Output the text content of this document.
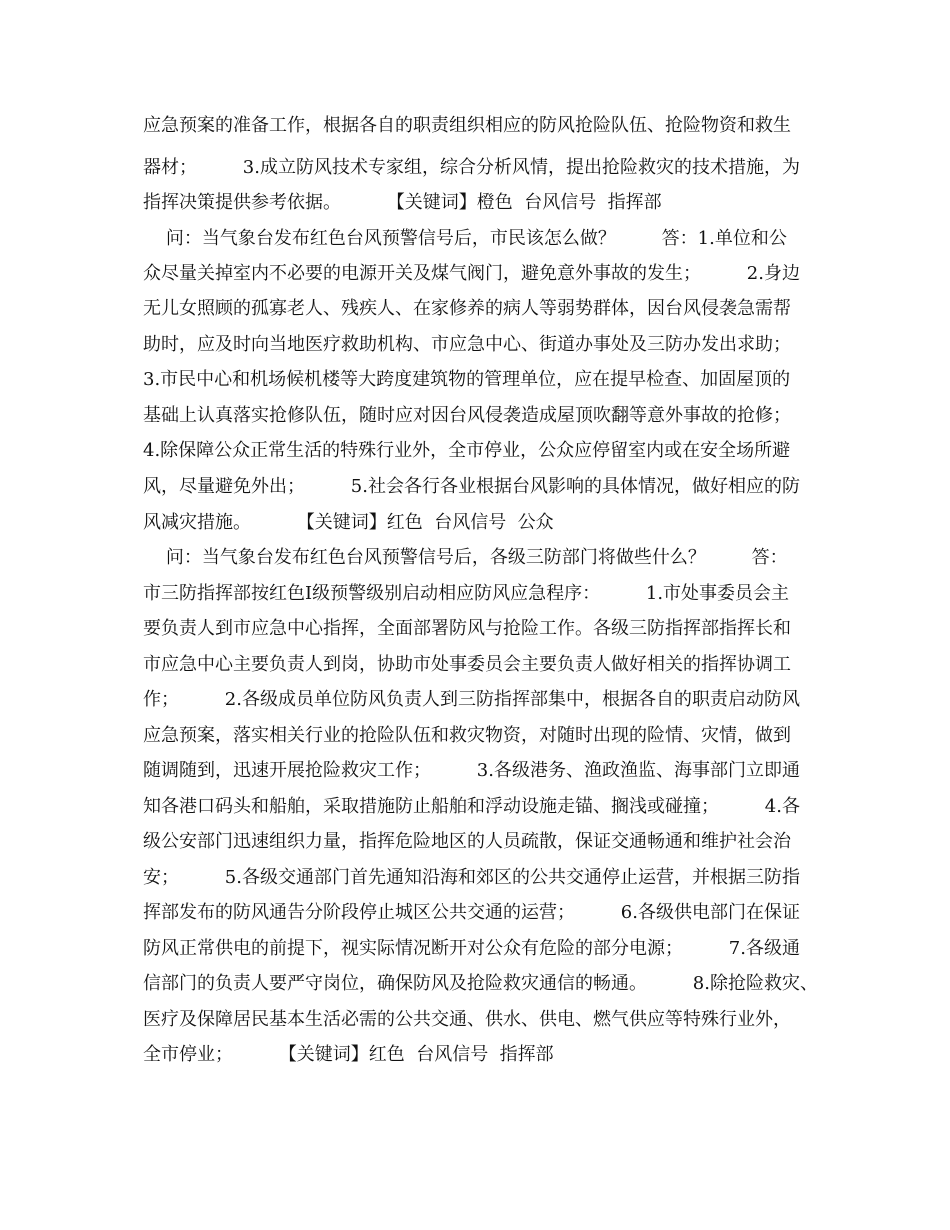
应急预案的准备工作，根据各自的职责组织相应的防风抢险队伍、抢险物资和救生
器材；        3.成立防风技术专家组，综合分析风情，提出抢险救灾的技术措施，为
指挥决策提供参考依据。        【关键词】橙色  台风信号  指挥部
问：当气象台发布红色台风预警信号后，市民该怎么做？        答：1.单位和公
众尽量关掉室内不必要的电源开关及煤气阀门，避免意外事故的发生；        2.身边
无儿女照顾的孤寡老人、残疾人、在家修养的病人等弱势群体，因台风侵袭急需帮
助时，应及时向当地医疗救助机构、市应急中心、街道办事处及三防办发出求助；
3.市民中心和机场候机楼等大跨度建筑物的管理单位，应在提早检查、加固屋顶的
基础上认真落实抢修队伍，随时应对因台风侵袭造成屋顶吹翻等意外事故的抢修；
4.除保障公众正常生活的特殊行业外，全市停业，公众应停留室内或在安全场所避
风，尽量避免外出；        5.社会各行各业根据台风影响的具体情况，做好相应的防
风减灾措施。        【关键词】红色  台风信号  公众
问：当气象台发布红色台风预警信号后，各级三防部门将做些什么？        答：
市三防指挥部按红色Ⅰ级预警级别启动相应防风应急程序：        1.市处事委员会主
要负责人到市应急中心指挥，全面部署防风与抢险工作。各级三防指挥部指挥长和
市应急中心主要负责人到岗，协助市处事委员会主要负责人做好相关的指挥协调工
作；        2.各级成员单位防风负责人到三防指挥部集中，根据各自的职责启动防风
应急预案，落实相关行业的抢险队伍和救灾物资，对随时出现的险情、灾情，做到
随调随到，迅速开展抢险救灾工作；        3.各级港务、渔政渔监、海事部门立即通
知各港口码头和船舶，采取措施防止船舶和浮动设施走锚、搁浅或碰撞；        4.各
级公安部门迅速组织力量，指挥危险地区的人员疏散，保证交通畅通和维护社会治
安；        5.各级交通部门首先通知沿海和郊区的公共交通停止运营，并根据三防指
挥部发布的防风通告分阶段停止城区公共交通的运营；        6.各级供电部门在保证
防风正常供电的前提下，视实际情况断开对公众有危险的部分电源；        7.各级通
信部门的负责人要严守岗位，确保防风及抢险救灾通信的畅通。        8.除抢险救灾、
医疗及保障居民基本生活必需的公共交通、供水、供电、燃气供应等特殊行业外，
全市停业；        【关键词】红色  台风信号  指挥部
